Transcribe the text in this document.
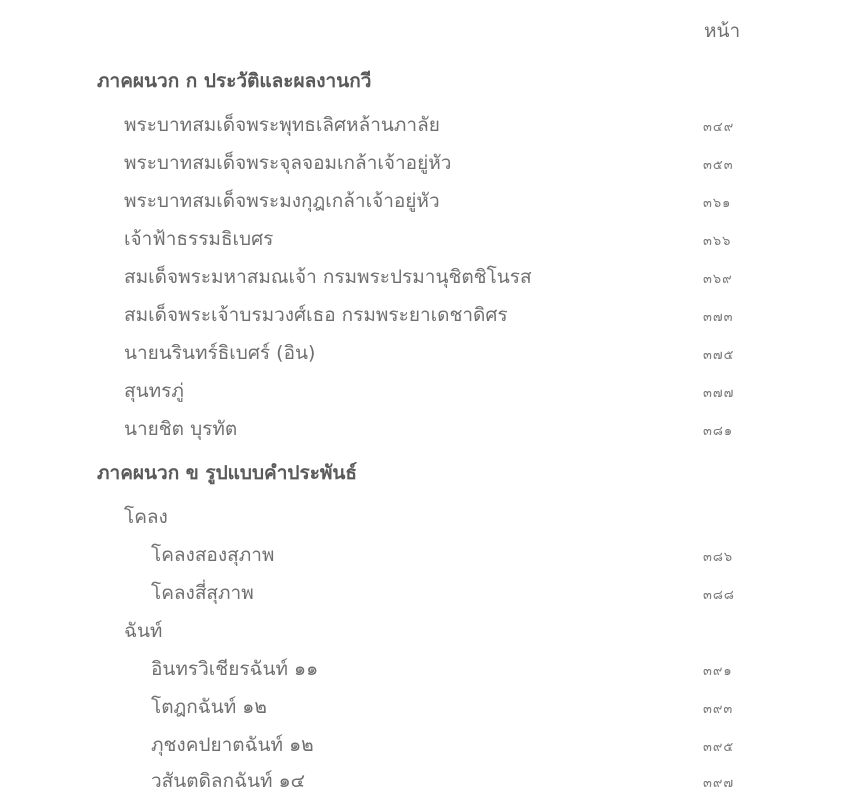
หน้า
ภาคผนวก ก ประวัติและผลงานกวี
พระบาทสมเด็จพระพุทธเลิศหล้านภาลัย	๓๔๙
พระบาทสมเด็จพระจุลจอมเกล้าเจ้าอยู่หัว	๓๕๓
พระบาทสมเด็จพระมงกุฎเกล้าเจ้าอยู่หัว	๓๖๑
เจ้าฟ้าธรรมธิเบศร	๓๖๖
สมเด็จพระมหาสมณเจ้า กรมพระปรมานุชิตชิโนรส	๓๖๙
สมเด็จพระเจ้าบรมวงศ์เธอ กรมพระยาเดชาดิศร	๓๗๓
นายนรินทร์ธิเบศร์ (อิน)	๓๗๕
สุนทรภู่	๓๗๗
นายชิต บุรทัต	๓๘๑
ภาคผนวก ข รูปแบบคำประพันธ์
โคลง
โคลงสองสุภาพ	๓๘๖
โคลงสี่สุภาพ	๓๘๘
ฉันท์
อินทรวิเชียรฉันท์ ๑๑	๓๙๑
โตฎกฉันท์ ๑๒	๓๙๓
ภุชงคปยาตฉันท์ ๑๒	๓๙๕
วสันตดิลกฉันท์ ๑๔	๓๙๗
